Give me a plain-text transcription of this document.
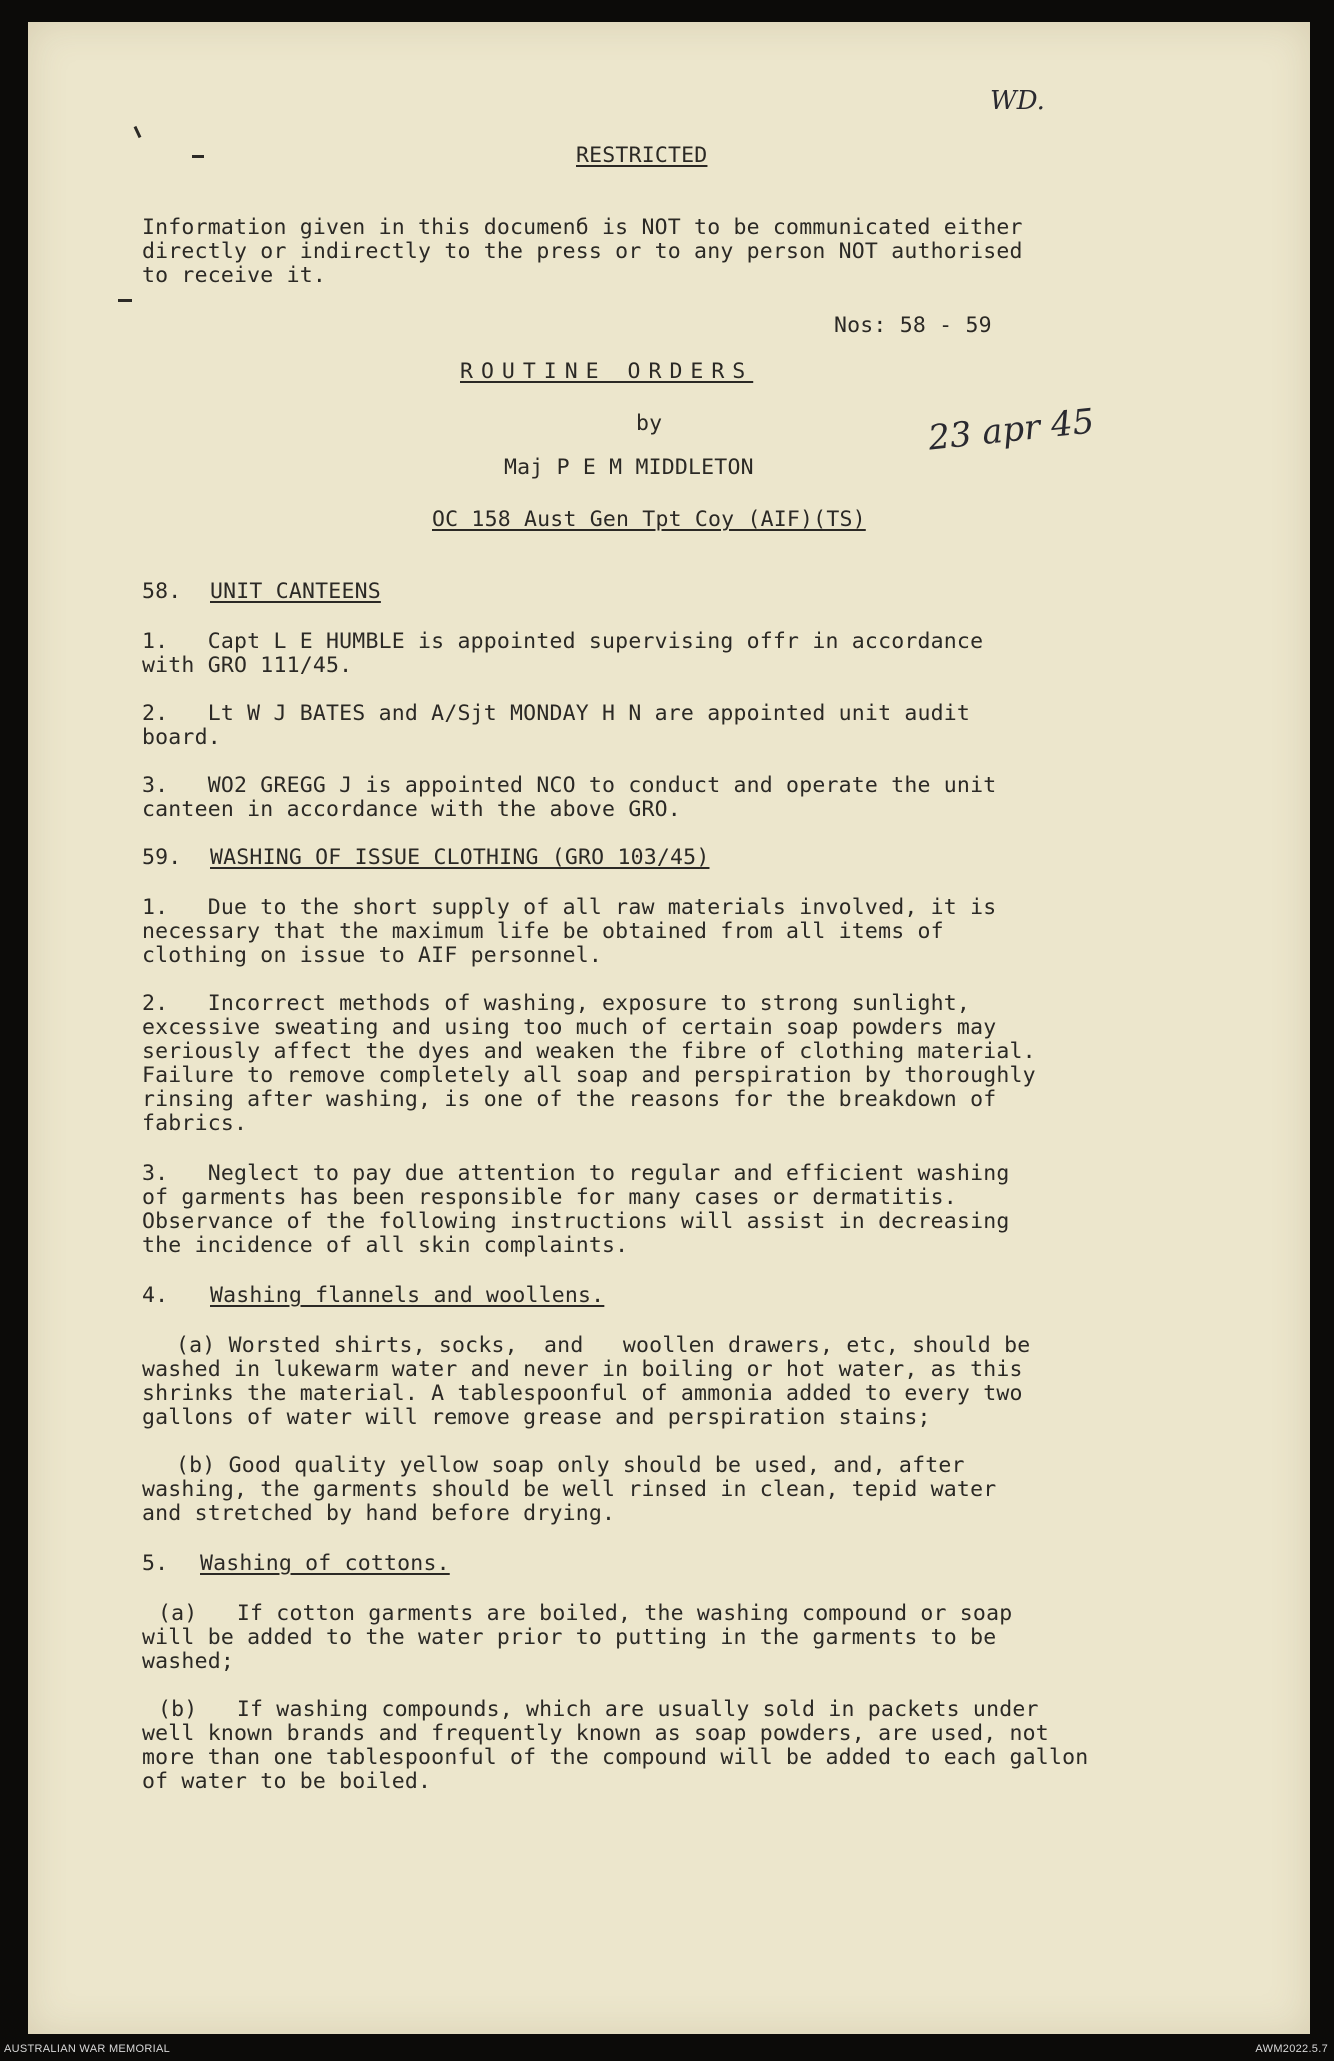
WD.
RESTRICTED
Information given in this documenб is NOT to be communicated either
directly or indirectly to the press or to any person NOT authorised
to receive it.
Nos: 58 - 59
ROUTINE ORDERS
by	23 apr 45
Maj P E M MIDDLETON
OC 158 Aust Gen Tpt Coy (AIF)(TS)
58. UNIT CANTEENS
1.   Capt L E HUMBLE is appointed supervising offr in accordance
with GRO 111/45.
2.   Lt W J BATES and A/Sjt MONDAY H N are appointed unit audit
board.
3.   WO2 GREGG J is appointed NCO to conduct and operate the unit
canteen in accordance with the above GRO.
59. WASHING OF ISSUE CLOTHING (GRO 103/45)
1.   Due to the short supply of all raw materials involved, it is
necessary that the maximum life be obtained from all items of
clothing on issue to AIF personnel.
2.   Incorrect methods of washing, exposure to strong sunlight,
excessive sweating and using too much of certain soap powders may
seriously affect the dyes and weaken the fibre of clothing material.
Failure to remove completely all soap and perspiration by thoroughly
rinsing after washing, is one of the reasons for the breakdown of
fabrics.
3.   Neglect to pay due attention to regular and efficient washing
of garments has been responsible for many cases or dermatitis.
Observance of the following instructions will assist in decreasing
the incidence of all skin complaints.
4. Washing flannels and woollens.
(a) Worsted shirts, socks,  and   woollen drawers, etc, should be
washed in lukewarm water and never in boiling or hot water, as this
shrinks the material. A tablespoonful of ammonia added to every two
gallons of water will remove grease and perspiration stains;
(b) Good quality yellow soap only should be used, and, after
washing, the garments should be well rinsed in clean, tepid water
and stretched by hand before drying.
5. Washing of cottons.
(a)   If cotton garments are boiled, the washing compound or soap
will be added to the water prior to putting in the garments to be
washed;
(b)   If washing compounds, which are usually sold in packets under
well known brands and frequently known as soap powders, are used, not
more than one tablespoonful of the compound will be added to each gallon
of water to be boiled.
AUSTRALIAN WAR MEMORIAL	AWM2022.5.7
